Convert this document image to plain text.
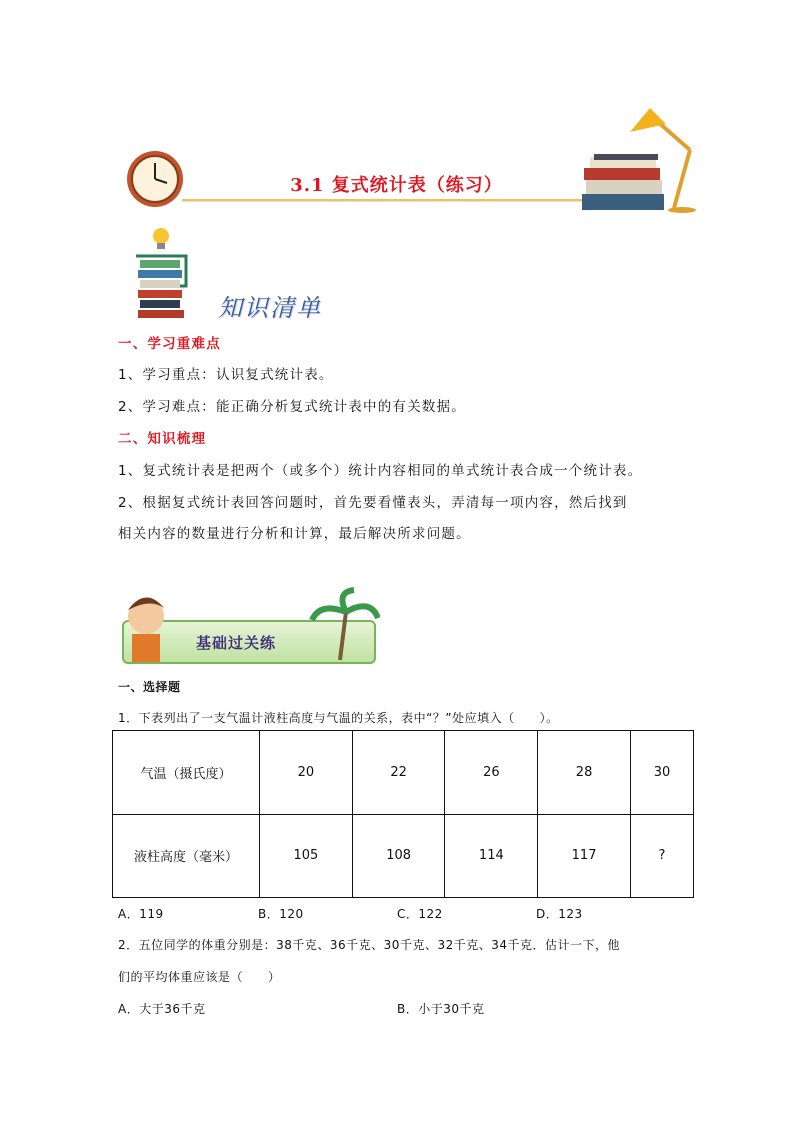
3.1 复式统计表（练习）
知识清单
一、学习重难点
1、学习重点：认识复式统计表。
2、学习难点：能正确分析复式统计表中的有关数据。
二、知识梳理
1、复式统计表是把两个（或多个）统计内容相同的单式统计表合成一个统计表。
2、根据复式统计表回答问题时，首先要看懂表头，弄清每一项内容，然后找到
相关内容的数量进行分析和计算，最后解决所求问题。
基础过关练
一、选择题
1．下表列出了一支气温计液柱高度与气温的关系，表中“？”处应填入（　　）。
气温（摄氏度）	20	22	26	28	30
液柱高度（毫米）	105	108	114	117	?
A．119	B．120	C．122	D．123
2．五位同学的体重分别是：38千克、36千克、30千克、32千克、34千克．估计一下，他
们的平均体重应该是（　　）
A．大于36千克	B．小于30千克
